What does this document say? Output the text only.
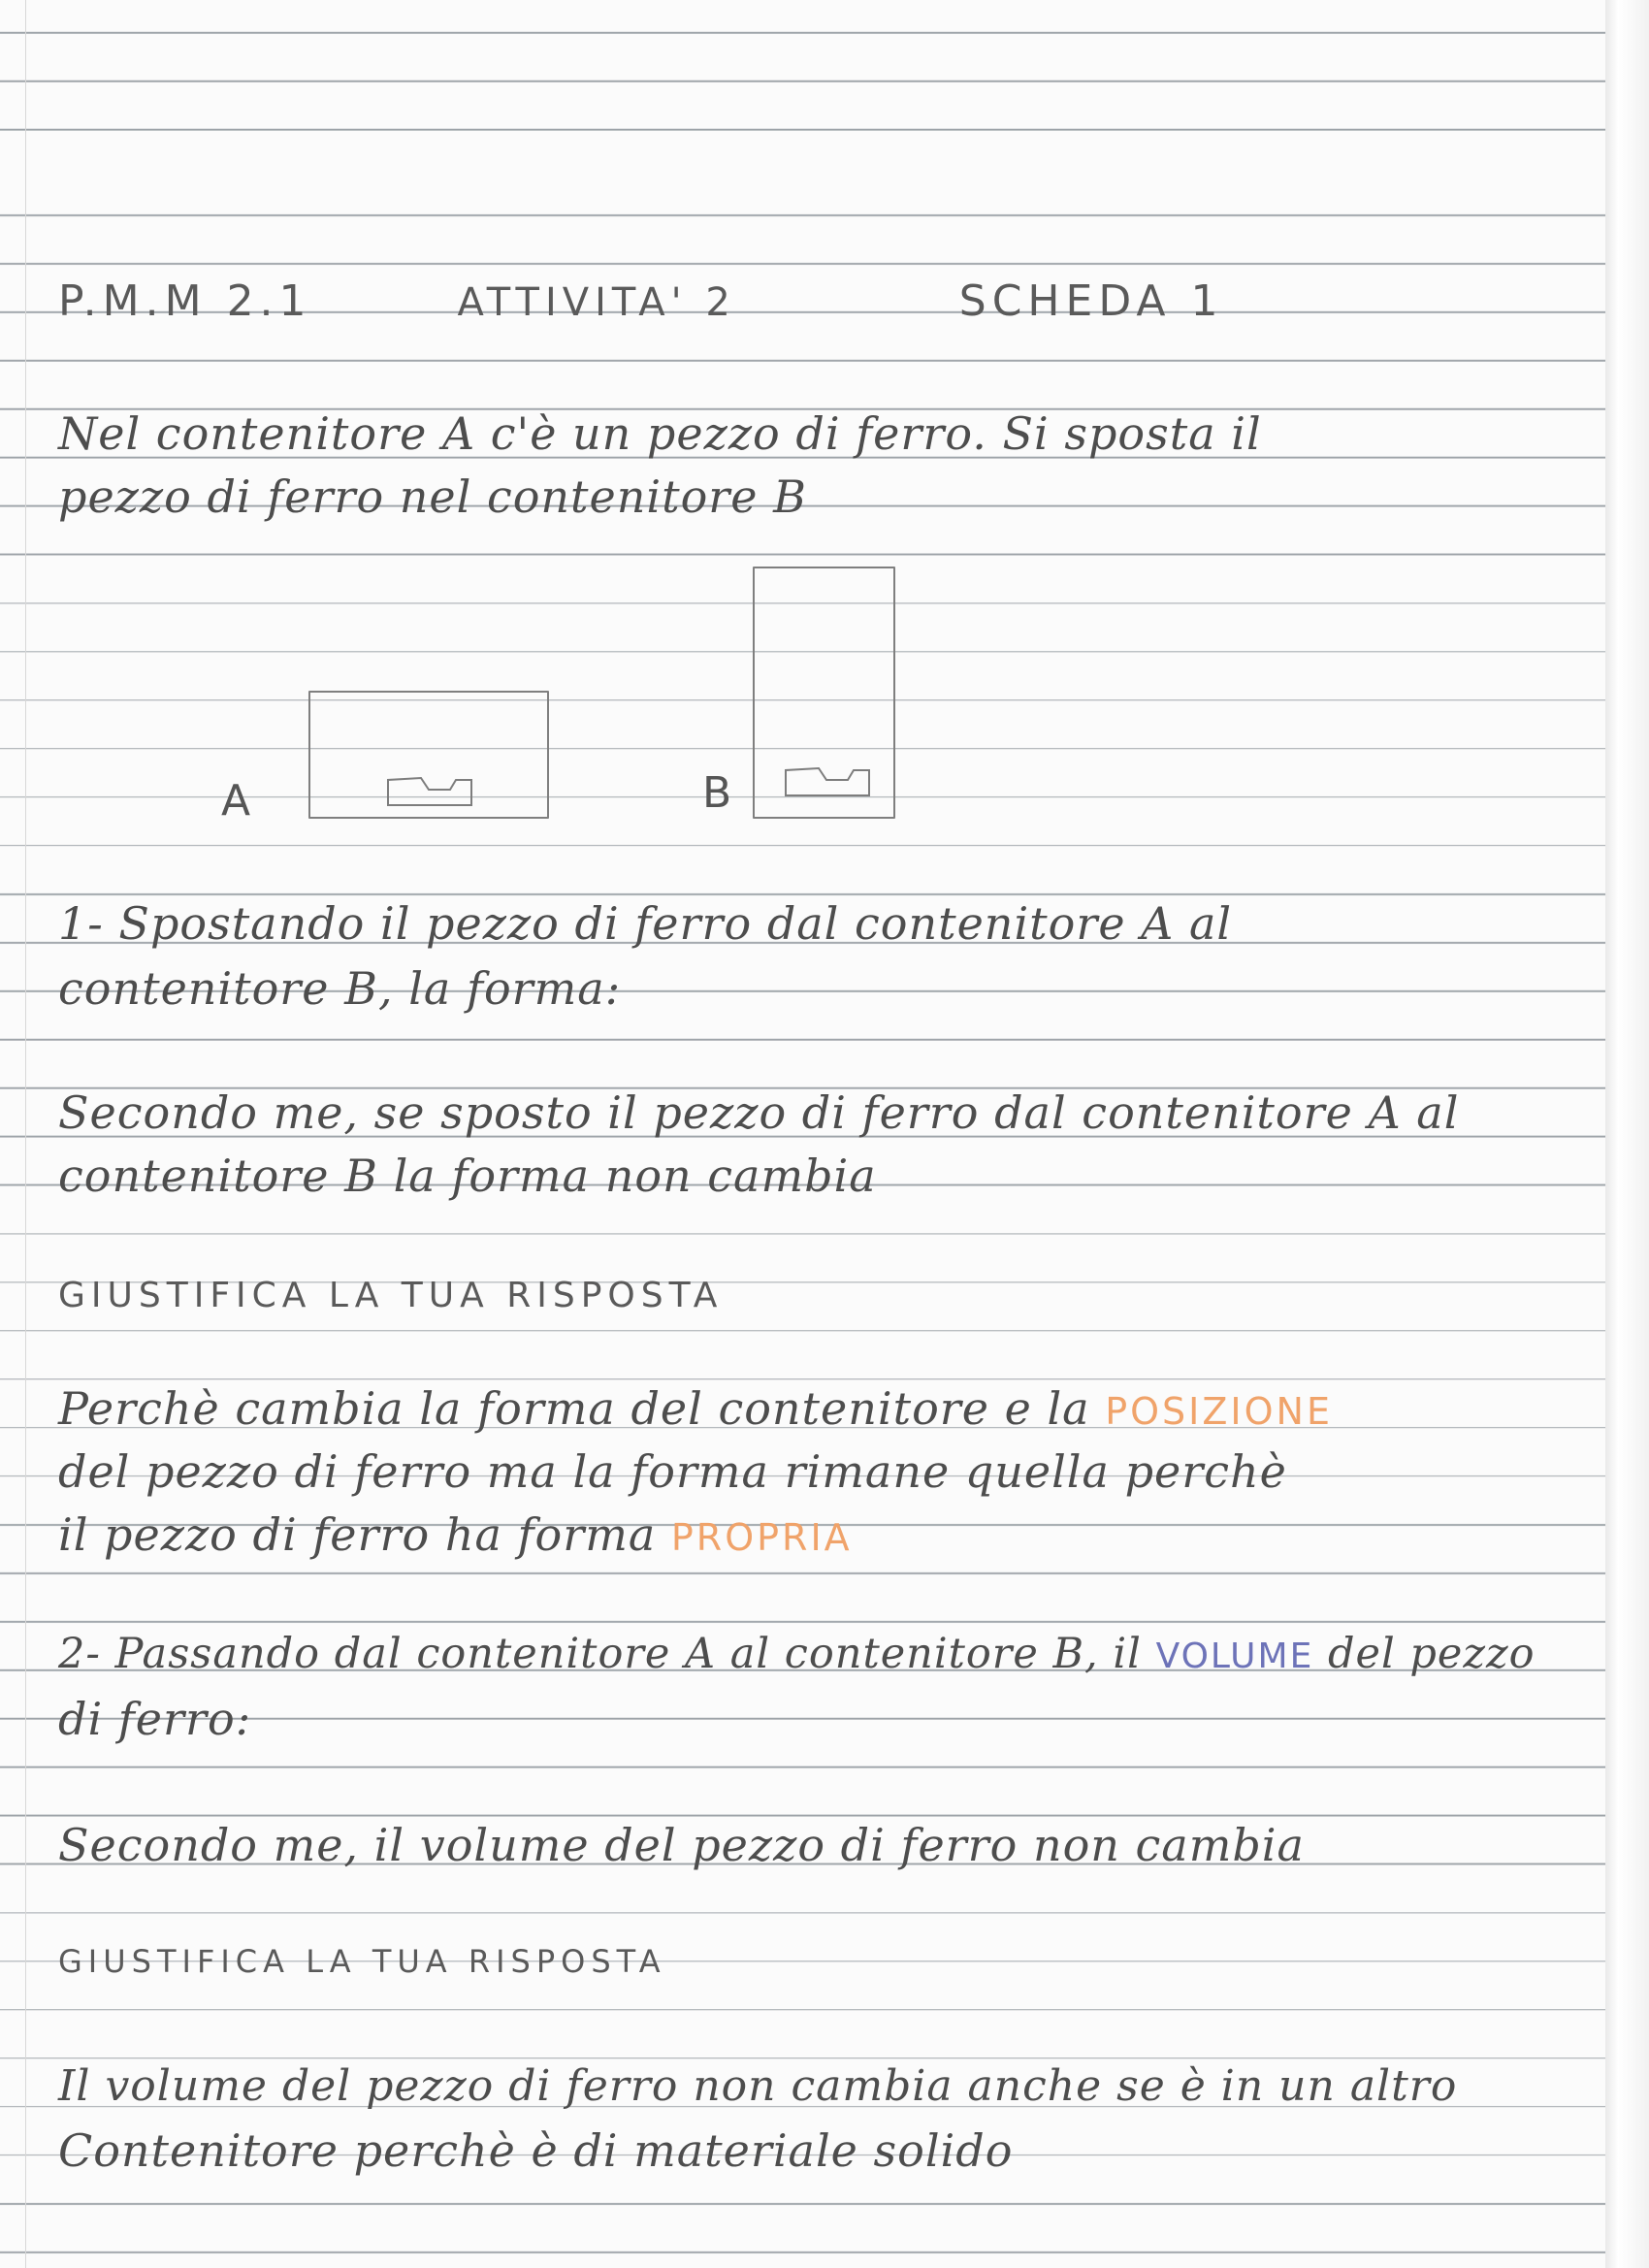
P.M.M 2.1	ATTIVITA' 2	SCHEDA 1
Nel contenitore A c'è un pezzo di ferro. Si sposta il
pezzo di ferro nel contenitore B
A	B
1- Spostando il pezzo di ferro dal contenitore A al
contenitore B, la forma:
Secondo me, se sposto il pezzo di ferro dal contenitore A al
contenitore B la forma non cambia
GIUSTIFICA LA TUA RISPOSTA
Perchè cambia la forma del contenitore e la POSIZIONE
del pezzo di ferro ma la forma rimane quella perchè
il pezzo di ferro ha forma PROPRIA
2- Passando dal contenitore A al contenitore B, il VOLUME del pezzo
di ferro:
Secondo me, il volume del pezzo di ferro non cambia
GIUSTIFICA LA TUA RISPOSTA
Il volume del pezzo di ferro non cambia anche se è in un altro
Contenitore perchè è di materiale solido
